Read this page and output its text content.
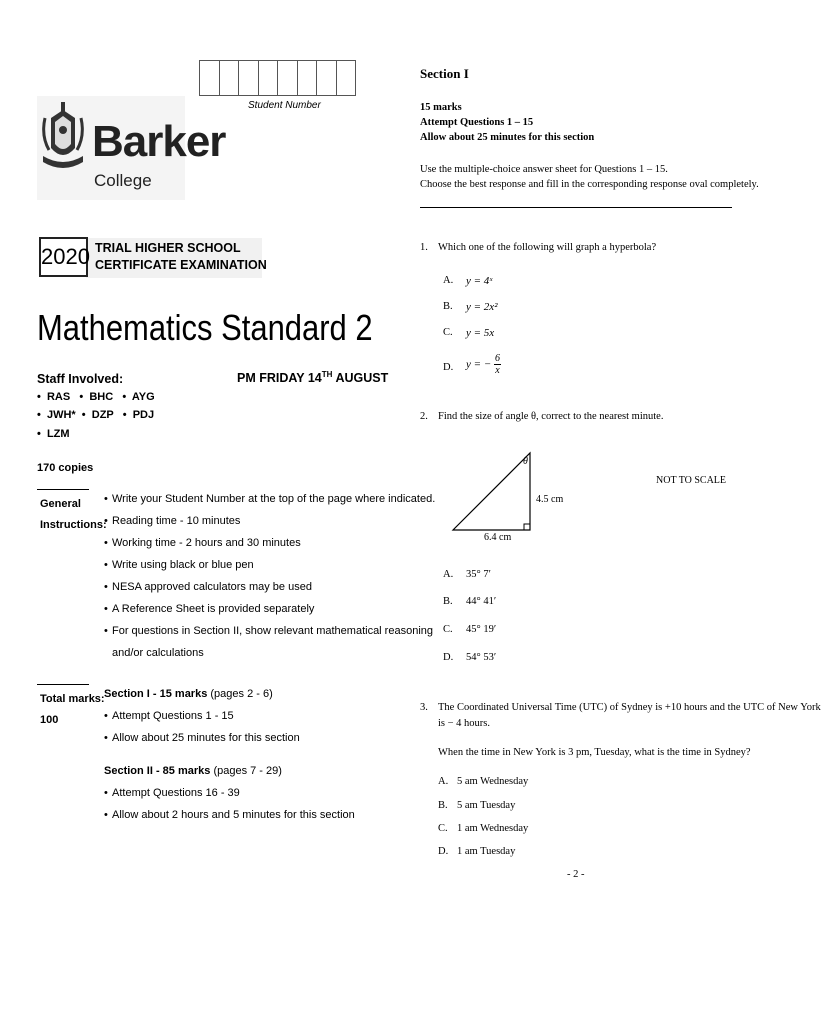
Student Number
Barker
College
2020 TRIAL HIGHER SCHOOL
CERTIFICATE EXAMINATION
Mathematics Standard 2
Staff Involved:	PM FRIDAY 14TH AUGUST
•  RAS   •  BHC   •  AYG
•  JWH*  •  DZP   •  PDJ
•  LZM
170 copies
General
Instructions:
• Write your Student Number at the top of the page where indicated.
• Reading time - 10 minutes
• Working time - 2 hours and 30 minutes
• Write using black or blue pen
• NESA approved calculators may be used
• A Reference Sheet is provided separately
• For questions in Section II, show relevant mathematical reasoning
and/or calculations
Total marks:
100
Section I - 15 marks (pages 2 - 6)
• Attempt Questions 1 - 15
• Allow about 25 minutes for this section
Section II - 85 marks (pages 7 - 29)
• Attempt Questions 16 - 39
• Allow about 2 hours and 5 minutes for this section
Section I
15 marks
Attempt Questions 1 – 15
Allow about 25 minutes for this section
Use the multiple-choice answer sheet for Questions 1 – 15.
Choose the best response and fill in the corresponding response oval completely.
1. Which one of the following will graph a hyperbola?
A. y = 4ˣ
B. y = 2x²
C. y = 5x
D. y = − $\frac{6}{x}$
2. Find the size of angle θ, correct to the nearest minute.
θ
4.5 cm
6.4 cm
NOT TO SCALE
A. 35° 7′
B. 44° 41′
C. 45° 19′
D. 54° 53′
3. The Coordinated Universal Time (UTC) of Sydney is +10 hours and the UTC of New York
is − 4 hours.
When the time in New York is 3 pm, Tuesday, what is the time in Sydney?
A. 5 am Wednesday
B. 5 am Tuesday
C. 1 am Wednesday
D. 1 am Tuesday
- 2 -
